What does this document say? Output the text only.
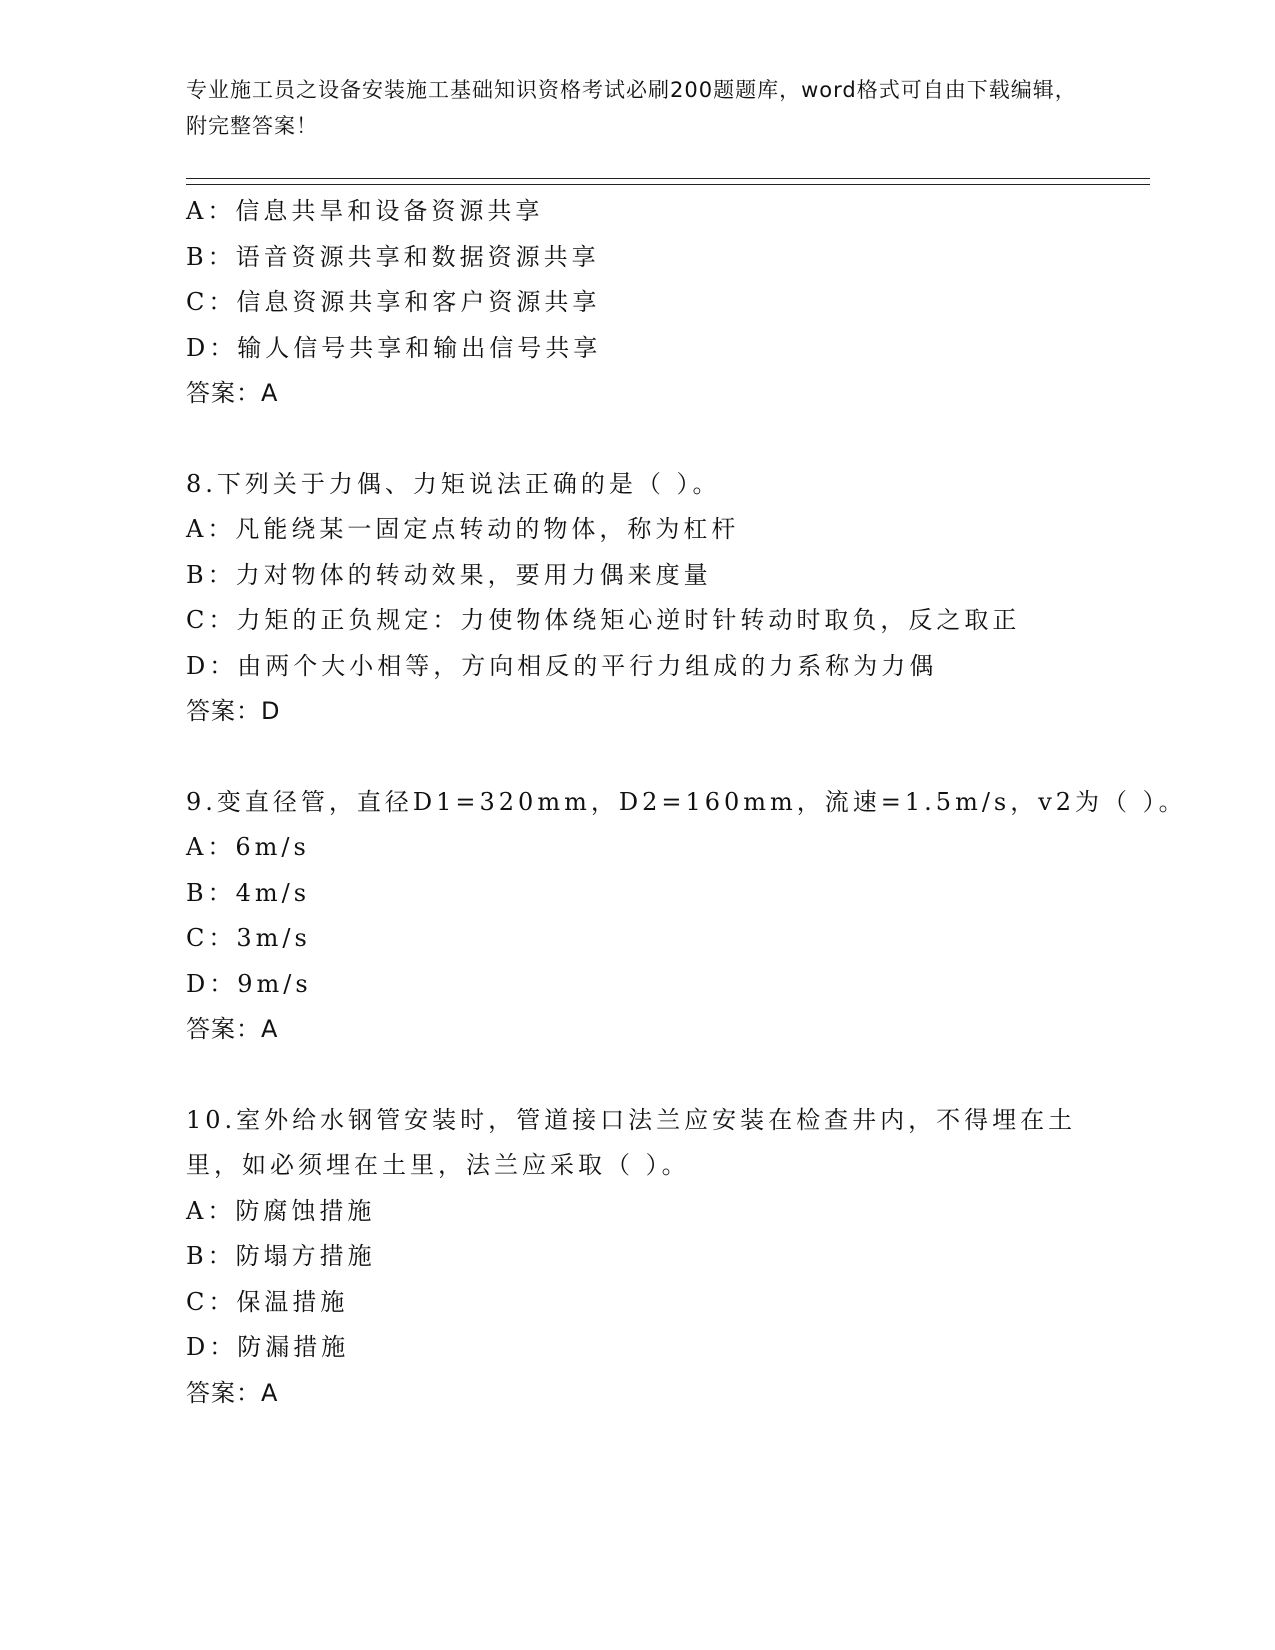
专业施工员之设备安装施工基础知识资格考试必刷200题题库，word格式可自由下载编辑，附完整答案！
A：信息共旱和设备资源共享
B：语音资源共享和数据资源共享
C：信息资源共享和客户资源共享
D：输人信号共享和输出信号共享
答案：A
8.下列关于力偶、力矩说法正确的是（ ）。
A：凡能绕某一固定点转动的物体，称为杠杆
B：力对物体的转动效果，要用力偶来度量
C：力矩的正负规定：力使物体绕矩心逆时针转动时取负，反之取正
D：由两个大小相等，方向相反的平行力组成的力系称为力偶
答案：D
9.变直径管，直径D1=320mm，D2=160mm，流速=1.5m/s，v2为（ ）。
A：6m/s
B：4m/s
C：3m/s
D：9m/s
答案：A
10.室外给水钢管安装时，管道接口法兰应安装在检查井内，不得埋在土里，如必须埋在土里，法兰应采取（ ）。
A：防腐蚀措施
B：防塌方措施
C：保温措施
D：防漏措施
答案：A
